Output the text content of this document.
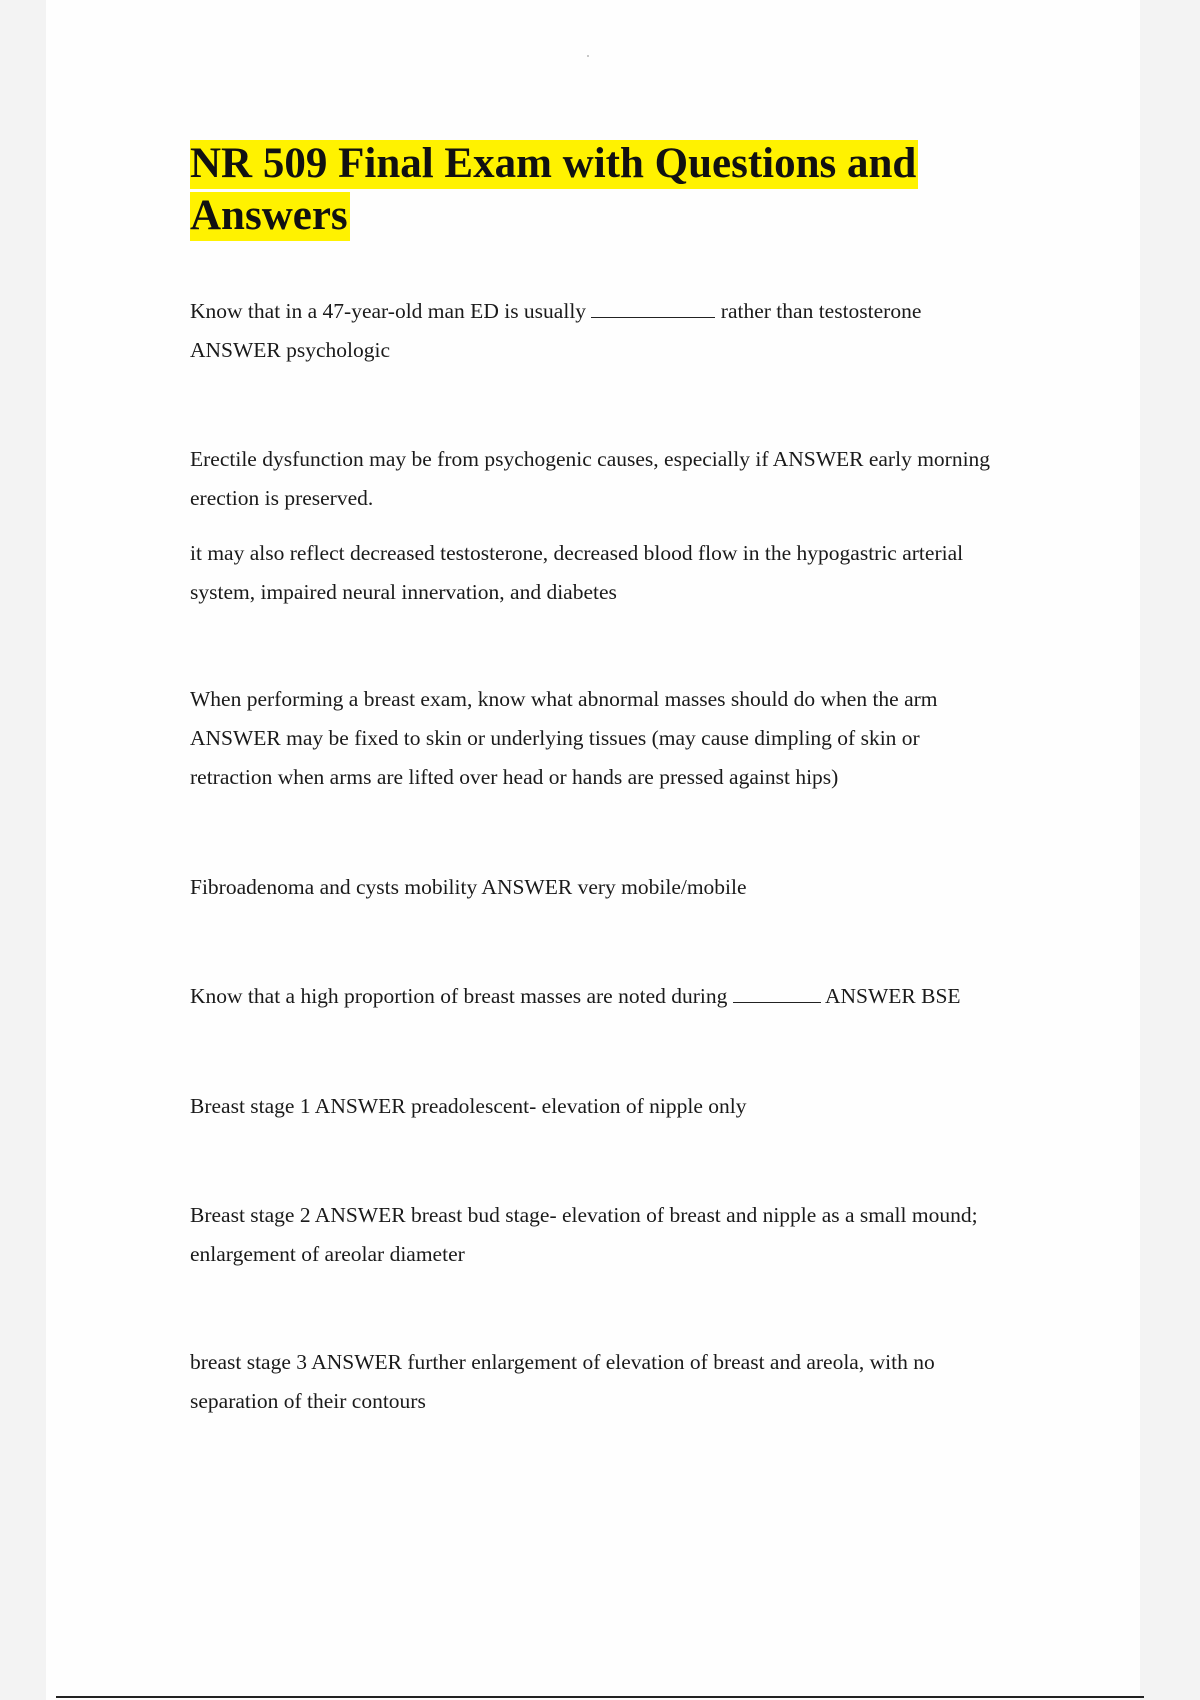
NR 509 Final Exam with Questions and Answers

Know that in a 47-year-old man ED is usually	rather than testosterone

ANSWER psychologic

Erectile dysfunction may be from psychogenic causes, especially if ANSWER early morning

erection is preserved.

it may also reflect decreased testosterone, decreased blood flow in the hypogastric arterial

system, impaired neural innervation, and diabetes

When performing a breast exam, know what abnormal masses should do when the arm

ANSWER may be fixed to skin or underlying tissues (may cause dimpling of skin or

retraction when arms are lifted over head or hands are pressed against hips)

Fibroadenoma and cysts mobility ANSWER very mobile/mobile

Know that a high proportion of breast masses are noted during	ANSWER BSE

Breast stage 1 ANSWER preadolescent- elevation of nipple only

Breast stage 2 ANSWER breast bud stage- elevation of breast and nipple as a small mound;

enlargement of areolar diameter

breast stage 3 ANSWER further enlargement of elevation of breast and areola, with no

separation of their contours
